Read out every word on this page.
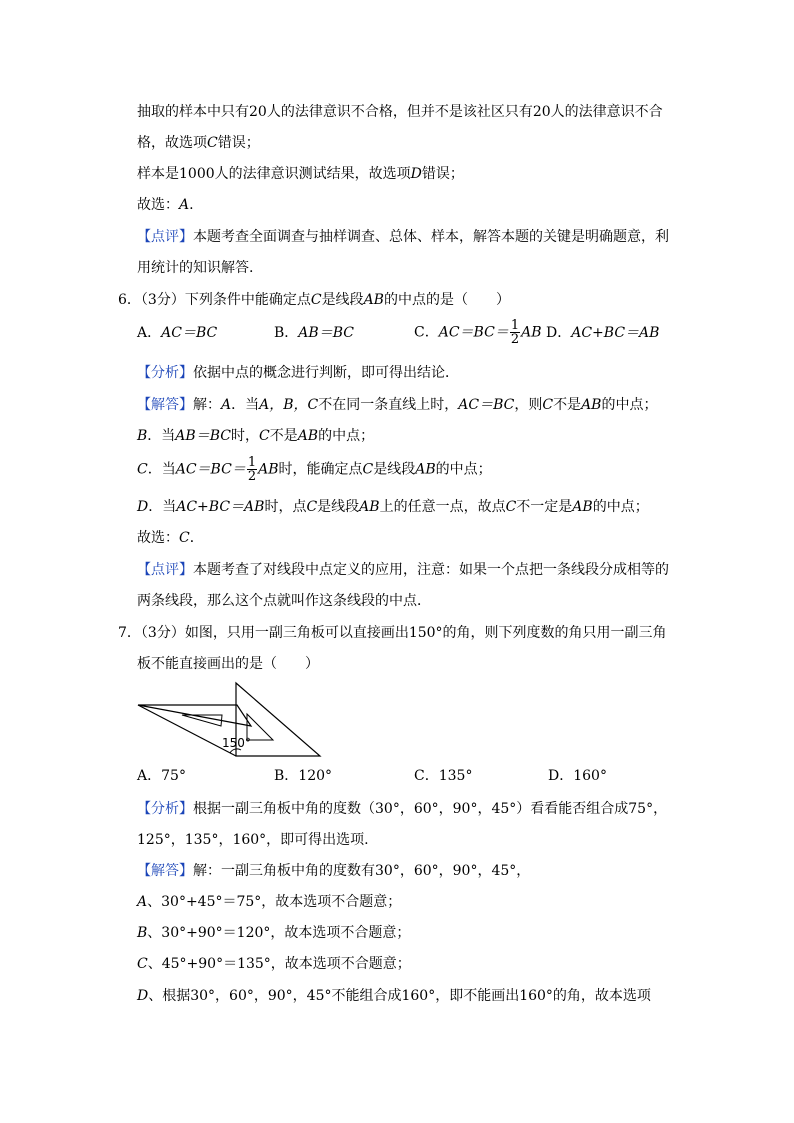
抽取的样本中只有20人的法律意识不合格，但并不是该社区只有20人的法律意识不合
格，故选项C错误；
样本是1000人的法律意识测试结果，故选项D错误；
故选：A.
【点评】本题考查全面调查与抽样调查、总体、样本，解答本题的关键是明确题意，利
用统计的知识解答.
6．（3分）下列条件中能确定点C是线段AB的中点的是（　　）
A．AC＝BC	B．AB＝BC	C．$AC=BC= \frac{1}{2}$ AB D．AC+BC＝AB
【分析】依据中点的概念进行判断，即可得出结论．
【解答】解：A．当A，B，C不在同一条直线上时，AC＝BC，则C不是AB的中点；
B．当AB＝BC时，C不是AB的中点；
C．当$AC=BC= \frac{1}{2}$ AB时，能确定点C是线段AB的中点；
D．当AC+BC＝AB时，点C是线段AB上的任意一点，故点C不一定是AB的中点；
故选：C．
【点评】本题考查了对线段中点定义的应用，注意：如果一个点把一条线段分成相等的
两条线段，那么这个点就叫作这条线段的中点．
7．（3分）如图，只用一副三角板可以直接画出150°的角，则下列度数的角只用一副三角
板不能直接画出的是（　　）
150°
A．75°	B．120°	C．135°	D．160°
【分析】根据一副三角板中角的度数（30°，60°，90°，45°）看看能否组合成75°，
125°，135°，160°，即可得出选项.
【解答】解：一副三角板中角的度数有30°，60°，90°，45°，
A、30°+45°＝75°，故本选项不合题意；
B、30°+90°＝120°，故本选项不合题意；
C、45°+90°＝135°，故本选项不合题意；
D、根据30°，60°，90°，45°不能组合成160°，即不能画出160°的角，故本选项
